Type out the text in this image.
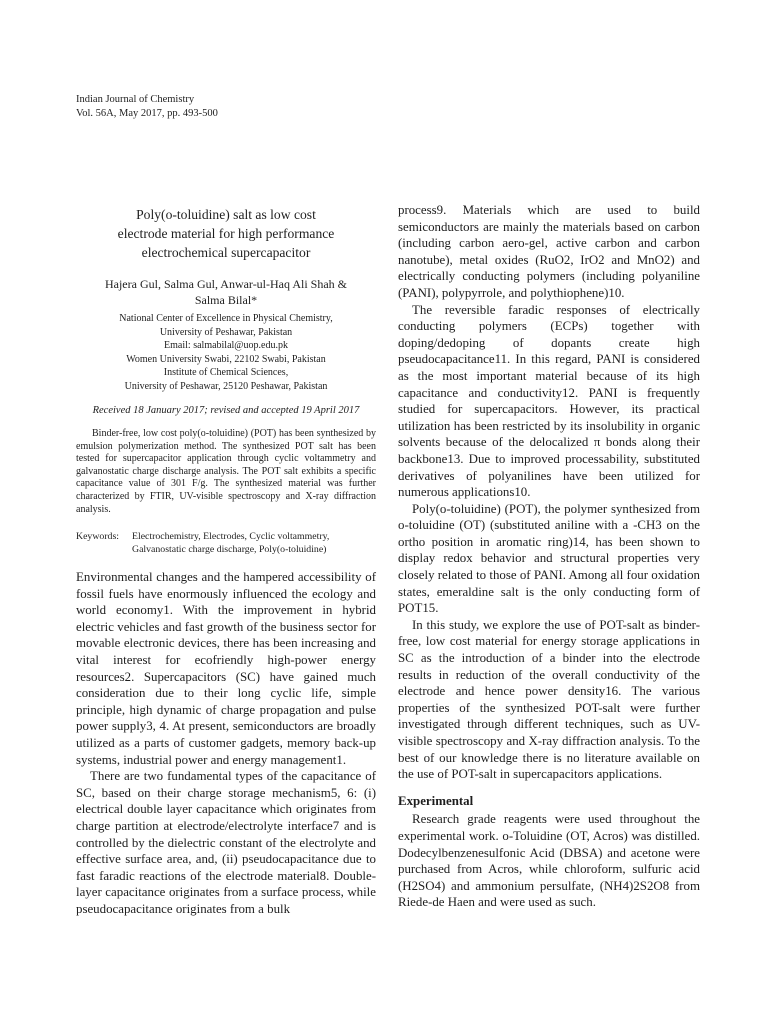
Indian Journal of Chemistry
Vol. 56A, May 2017, pp. 493-500
Poly(o-toluidine) salt as low cost
electrode material for high performance
electrochemical supercapacitor
Hajera Gul, Salma Gul, Anwar-ul-Haq Ali Shah &
Salma Bilal*

National Center of Excellence in Physical Chemistry,

University of Peshawar, Pakistan

Email: salmabilal@uop.edu.pk

Women University Swabi, 22102 Swabi, Pakistan

Institute of Chemical Sciences,

University of Peshawar, 25120 Peshawar, Pakistan

Received 18 January 2017; revised and accepted 19 April 2017

Binder-free, low cost poly(o-toluidine) (POT) has been synthesized by emulsion polymerization method. The synthesized POT salt has been tested for supercapacitor application through cyclic voltammetry and galvanostatic charge discharge analysis. The POT salt exhibits a specific capacitance value of 301 F/g. The synthesized material was further characterized by FTIR, UV-visible spectroscopy and X-ray diffraction analysis.

Keywords:	Electrochemistry, Electrodes, Cyclic voltammetry, Galvanostatic charge discharge, Poly(o-toluidine)

Environmental changes and the hampered accessibility of fossil fuels have enormously influenced the ecology and world economy1. With the improvement in hybrid electric vehicles and fast growth of the business sector for movable electronic devices, there has been increasing and vital interest for ecofriendly high-power energy resources2. Supercapacitors (SC) have gained much consideration due to their long cyclic life, simple principle, high dynamic of charge propagation and pulse power supply3, 4. At present, semiconductors are broadly utilized as a parts of customer gadgets, memory back-up systems, industrial power and energy management1.

There are two fundamental types of the capacitance of SC, based on their charge storage mechanism5, 6: (i) electrical double layer capacitance which originates from charge partition at electrode/electrolyte interface7 and is controlled by the dielectric constant of the electrolyte and effective surface area, and, (ii) pseudocapacitance due to fast faradic reactions of the electrode material8. Double-layer capacitance originates from a surface process, while pseudocapacitance originates from a bulk

process9. Materials which are used to build semiconductors are mainly the materials based on carbon (including carbon aero-gel, active carbon and carbon nanotube), metal oxides (RuO2, IrO2 and MnO2) and electrically conducting polymers (including polyaniline (PANI), polypyrrole, and polythiophene)10.

The reversible faradic responses of electrically conducting polymers (ECPs) together with doping/dedoping of dopants create high pseudocapacitance11. In this regard, PANI is considered as the most important material because of its high capacitance and conductivity12. PANI is frequently studied for supercapacitors. However, its practical utilization has been restricted by its insolubility in organic solvents because of the delocalized π bonds along their backbone13. Due to improved processability, substituted derivatives of polyanilines have been utilized for numerous applications10.

Poly(o-toluidine) (POT), the polymer synthesized from o-toluidine (OT) (substituted aniline with a -CH3 on the ortho position in aromatic ring)14, has been shown to display redox behavior and structural properties very closely related to those of PANI. Among all four oxidation states, emeraldine salt is the only conducting form of POT15.

In this study, we explore the use of POT-salt as binder-free, low cost material for energy storage applications in SC as the introduction of a binder into the electrode results in reduction of the overall conductivity of the electrode and hence power density16. The various properties of the synthesized POT-salt were further investigated through different techniques, such as UV-visible spectroscopy and X-ray diffraction analysis. To the best of our knowledge there is no literature available on the use of POT-salt in supercapacitors applications.

Experimental

Research grade reagents were used throughout the experimental work. o-Toluidine (OT, Acros) was distilled. Dodecylbenzenesulfonic Acid (DBSA) and acetone were purchased from Acros, while chloroform, sulfuric acid (H2SO4) and ammonium persulfate, (NH4)2S2O8 from Riede-de Haen and were used as such.
